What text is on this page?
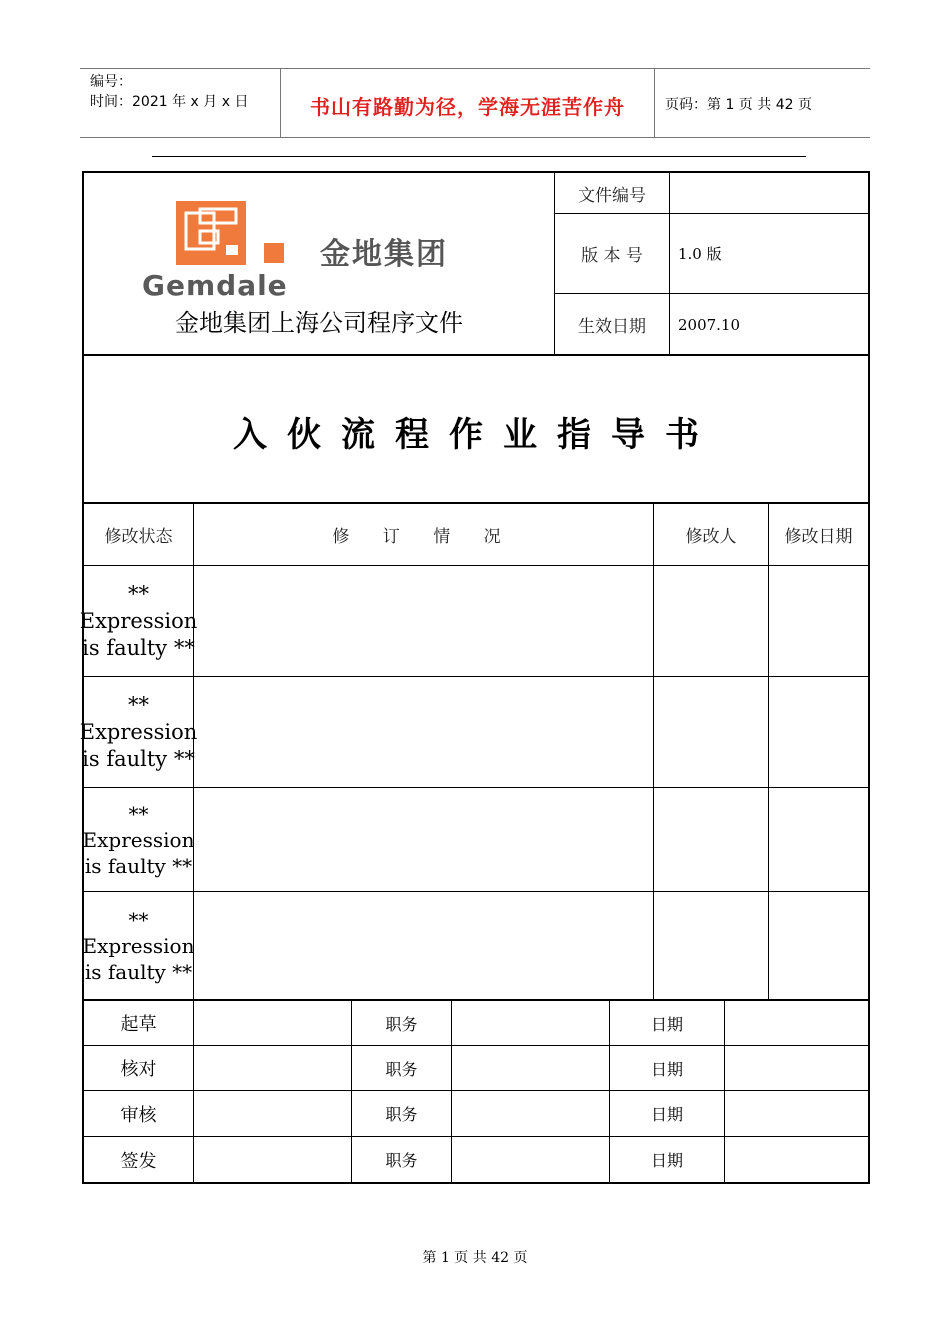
编号：
时间：2021 年 x 月 x 日	书山有路勤为径，学海无涯苦作舟	页码：第 1 页 共 42 页
金地集团
Gemdale
金地集团上海公司程序文件
文件编号
版 本 号	1.0 版
生效日期	2007.10
入伙流程作业指导书
修改状态	修 订 情 况	修改人	修改日期
** Expression is faulty **
** Expression is faulty **
** Expression is faulty **
** Expression is faulty **
起草	职务	日期
核对	职务	日期
审核	职务	日期
签发	职务	日期
第 1 页 共 42 页
